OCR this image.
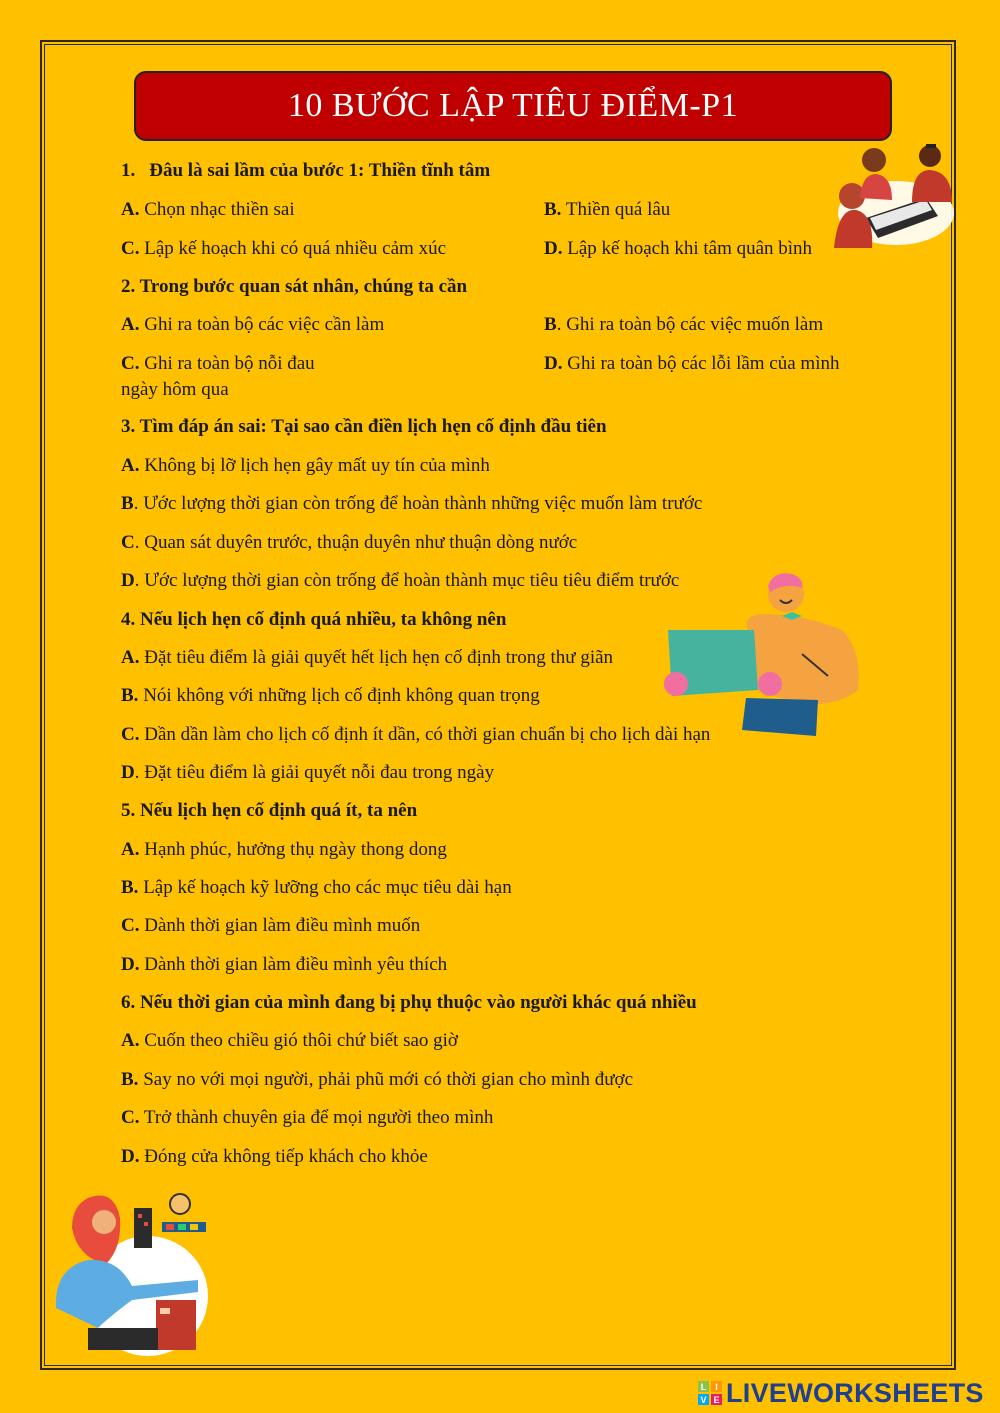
10 BƯỚC LẬP TIÊU ĐIỂM-P1
1. Đâu là sai lầm của bước 1: Thiền tĩnh tâm
A. Chọn nhạc thiền sai	B. Thiền quá lâu
C. Lập kế hoạch khi có quá nhiều cảm xúc	D. Lập kế hoạch khi tâm quân bình
2. Trong bước quan sát nhân, chúng ta cần
A. Ghi ra toàn bộ các việc cần làm	B. Ghi ra toàn bộ các việc muốn làm
C. Ghi ra toàn bộ nỗi đau ngày hôm qua
D. Ghi ra toàn bộ các lỗi lầm của mình
3. Tìm đáp án sai: Tại sao cần điền lịch hẹn cố định đầu tiên
A. Không bị lỡ lịch hẹn gây mất uy tín của mình
B. Ước lượng thời gian còn trống để hoàn thành những việc muốn làm trước
C. Quan sát duyên trước, thuận duyên như thuận dòng nước
D. Ước lượng thời gian còn trống để hoàn thành mục tiêu tiêu điểm trước
4. Nếu lịch hẹn cố định quá nhiều, ta không nên
A. Đặt tiêu điểm là giải quyết hết lịch hẹn cố định trong thư giãn
B. Nói không với những lịch cố định không quan trọng
C. Dần dần làm cho lịch cố định ít dần, có thời gian chuẩn bị cho lịch dài hạn
D. Đặt tiêu điểm là giải quyết nỗi đau trong ngày
5. Nếu lịch hẹn cố định quá ít, ta nên
A. Hạnh phúc, hưởng thụ ngày thong dong
B. Lập kế hoạch kỹ lưỡng cho các mục tiêu dài hạn
C. Dành thời gian làm điều mình muốn
D. Dành thời gian làm điều mình yêu thích
6. Nếu thời gian của mình đang bị phụ thuộc vào người khác quá nhiều
A. Cuốn theo chiều gió thôi chứ biết sao giờ
B. Say no với mọi người, phải phũ mới có thời gian cho mình được
C. Trở thành chuyên gia để mọi người theo mình
D. Đóng cửa không tiếp khách cho khỏe
L I
V E LIVEWORKSHEETS
